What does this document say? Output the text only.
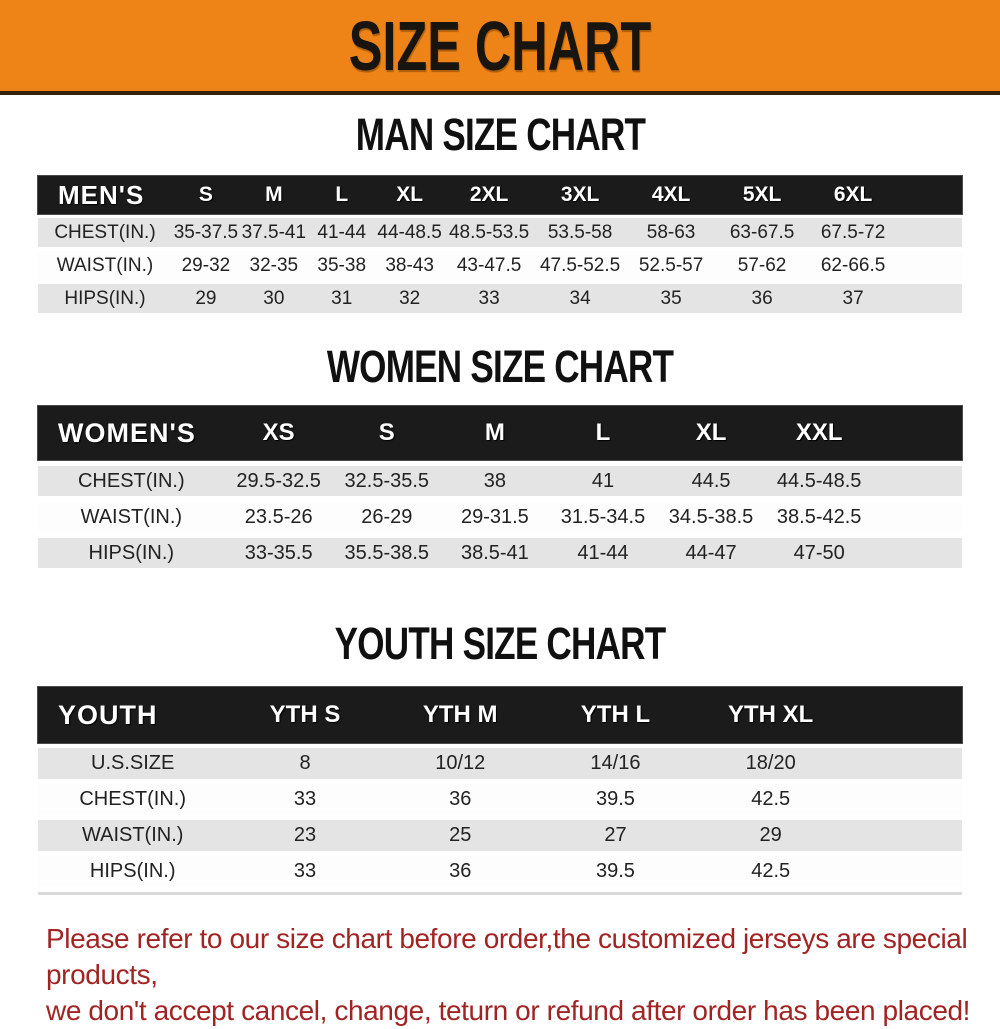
SIZE CHART
MAN SIZE CHART
MEN'S	S	M	L	XL	2XL	3XL	4XL	5XL	6XL
CHEST(IN.) 35-37.5 37.5-41 41-44 44-48.5 48.5-53.5 53.5-58	58-63	63-67.5	67.5-72
WAIST(IN.)	29-32	32-35	35-38	38-43	43-47.5 47.5-52.5 52.5-57	57-62	62-66.5
HIPS(IN.)	29	30	31	32	33	34	35	36	37
WOMEN SIZE CHART
WOMEN'S	XS	S	M	L	XL	XXL
CHEST(IN.)	29.5-32.5	32.5-35.5	38	41	44.5	44.5-48.5
WAIST(IN.)	23.5-26	26-29	29-31.5	31.5-34.5	34.5-38.5	38.5-42.5
HIPS(IN.)	33-35.5	35.5-38.5	38.5-41	41-44	44-47	47-50
YOUTH SIZE CHART
YOUTH	YTH S	YTH M	YTH L	YTH XL
U.S.SIZE	8	10/12	14/16	18/20
CHEST(IN.)	33	36	39.5	42.5
WAIST(IN.)	23	25	27	29
HIPS(IN.)	33	36	39.5	42.5
Please refer to our size chart before order,the customized jerseys are special products,
we don't accept cancel, change, teturn or refund after order has been placed!
